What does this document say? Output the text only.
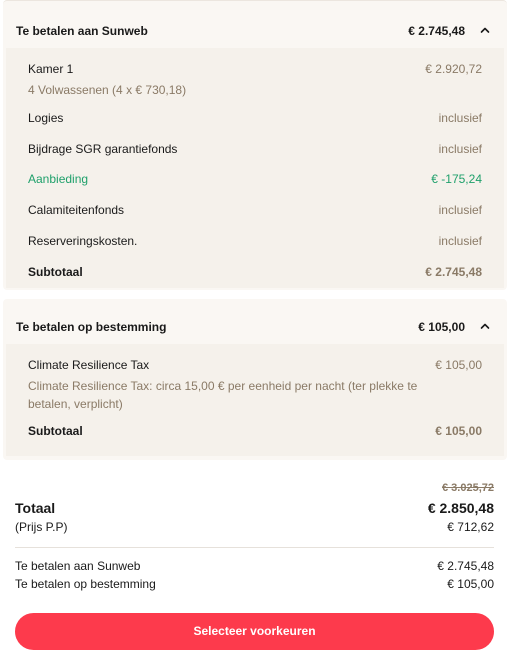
Te betalen aan Sunweb	€ 2.745,48
Kamer 1	€ 2.920,72
4 Volwassenen (4 x € 730,18)
Logies	inclusief
Bijdrage SGR garantiefonds	inclusief
Aanbieding	€ -175,24
Calamiteitenfonds	inclusief
Reserveringskosten.	inclusief
Subtotaal	€ 2.745,48
Te betalen op bestemming	€ 105,00
Climate Resilience Tax	€ 105,00
Climate Resilience Tax: circa 15,00 € per eenheid per nacht (ter plekke te betalen, verplicht)
Subtotaal	€ 105,00
€ 3.025,72
Totaal	€ 2.850,48
(Prijs P.P)	€ 712,62
Te betalen aan Sunweb	€ 2.745,48
Te betalen op bestemming	€ 105,00
Selecteer voorkeuren
